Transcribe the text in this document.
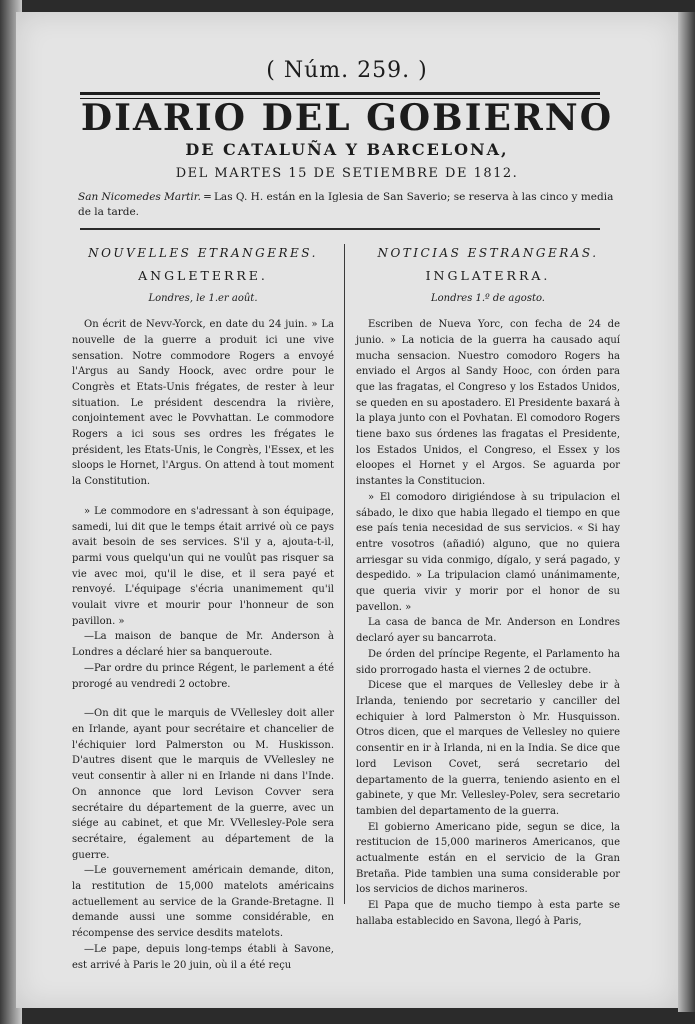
( Núm. 259. )
DIARIO DEL GOBIERNO
DE CATALUÑA Y BARCELONA,
DEL MARTES 15 DE SETIEMBRE DE 1812.
San Nicomedes Martir. ═ Las Q. H. están en la Iglesia de San Saverio; se reserva à las cinco y media de la tarde.
NOUVELLES ETRANGERES.
ANGLETERRE.
Londres, le 1.er août.

On écrit de Nevv-Yorck, en date du 24 juin. » La nouvelle de la guerre a produit ici une vive sensation. Notre commodore Rogers a envoyé l'Argus au Sandy Hoock, avec ordre pour le Congrès et Etats-Unis frégates, de rester à leur situation. Le président descendra la rivière, conjointement avec le Povvhattan. Le commodore Rogers a ici sous ses ordres les frégates le président, les Etats-Unis, le Congrès, l'Essex, et les sloops le Hornet, l'Argus. On attend à tout moment la Constitution.

» Le commodore en s'adressant à son équipage, samedi, lui dit que le temps était arrivé où ce pays avait besoin de ses services. S'il y a, ajouta-t-il, parmi vous quelqu'un qui ne voulût pas risquer sa vie avec moi, qu'il le dise, et il sera payé et renvoyé. L'équipage s'écria unanimement qu'il voulait vivre et mourir pour l'honneur de son pavillon. »

—La maison de banque de Mr. Anderson à Londres a déclaré hier sa banqueroute.

—Par ordre du prince Régent, le parlement a été prorogé au vendredi 2 octobre.

—On dit que le marquis de VVellesley doit aller en Irlande, ayant pour secrétaire et chancelier de l'échiquier lord Palmerston ou M. Huskisson. D'autres disent que le marquis de VVellesley ne veut consentir à aller ni en Irlande ni dans l'Inde. On annonce que lord Levison Covver sera secrétaire du département de la guerre, avec un siége au cabinet, et que Mr. VVellesley-Pole sera secrétaire, également au département de la guerre.

—Le gouvernement américain demande, diton, la restitution de 15,000 matelots américains actuellement au service de la Grande-Bretagne. Il demande aussi une somme considérable, en récompense des service desdits matelots.

—Le pape, depuis long-temps établi à Savone, est arrivé à Paris le 20 juin, où il a été reçu

NOTICIAS ESTRANGERAS.
INGLATERRA.
Londres 1.º de agosto.

Escriben de Nueva Yorc, con fecha de 24 de junio. » La noticia de la guerra ha causado aquí mucha sensacion. Nuestro comodoro Rogers ha enviado el Argos al Sandy Hooc, con órden para que las fragatas, el Congreso y los Estados Unidos, se queden en su apostadero. El Presidente baxará à la playa junto con el Povhatan. El comodoro Rogers tiene baxo sus órdenes las fragatas el Presidente, los Estados Unidos, el Congreso, el Essex y los eloopes el Hornet y el Argos. Se aguarda por instantes la Constitucion.

» El comodoro dirigiéndose à su tripulacion el sábado, le dixo que habia llegado el tiempo en que ese país tenia necesidad de sus servicios. « Si hay entre vosotros (añadió) alguno, que no quiera arriesgar su vida conmigo, dígalo, y será pagado, y despedido. » La tripulacion clamó unánimamente, que queria vivir y morir por el honor de su pavellon. »

La casa de banca de Mr. Anderson en Londres declaró ayer su bancarrota.

De órden del príncipe Regente, el Parlamento ha sido prorrogado hasta el viernes 2 de octubre.

Dicese que el marques de Vellesley debe ir à Irlanda, teniendo por secretario y canciller del echiquier à lord Palmerston ò Mr. Husquisson. Otros dicen, que el marques de Vellesley no quiere consentir en ir à Irlanda, ni en la India. Se dice que lord Levison Covet, será secretario del departamento de la guerra, teniendo asiento en el gabinete, y que Mr. Vellesley-Polev, sera secretario tambien del departamento de la guerra.

El gobierno Americano pide, segun se dice, la restitucion de 15,000 marineros Americanos, que actualmente están en el servicio de la Gran Bretaña. Pide tambien una suma considerable por los servicios de dichos marineros.

El Papa que de mucho tiempo à esta parte se hallaba establecido en Savona, llegó à Paris,
